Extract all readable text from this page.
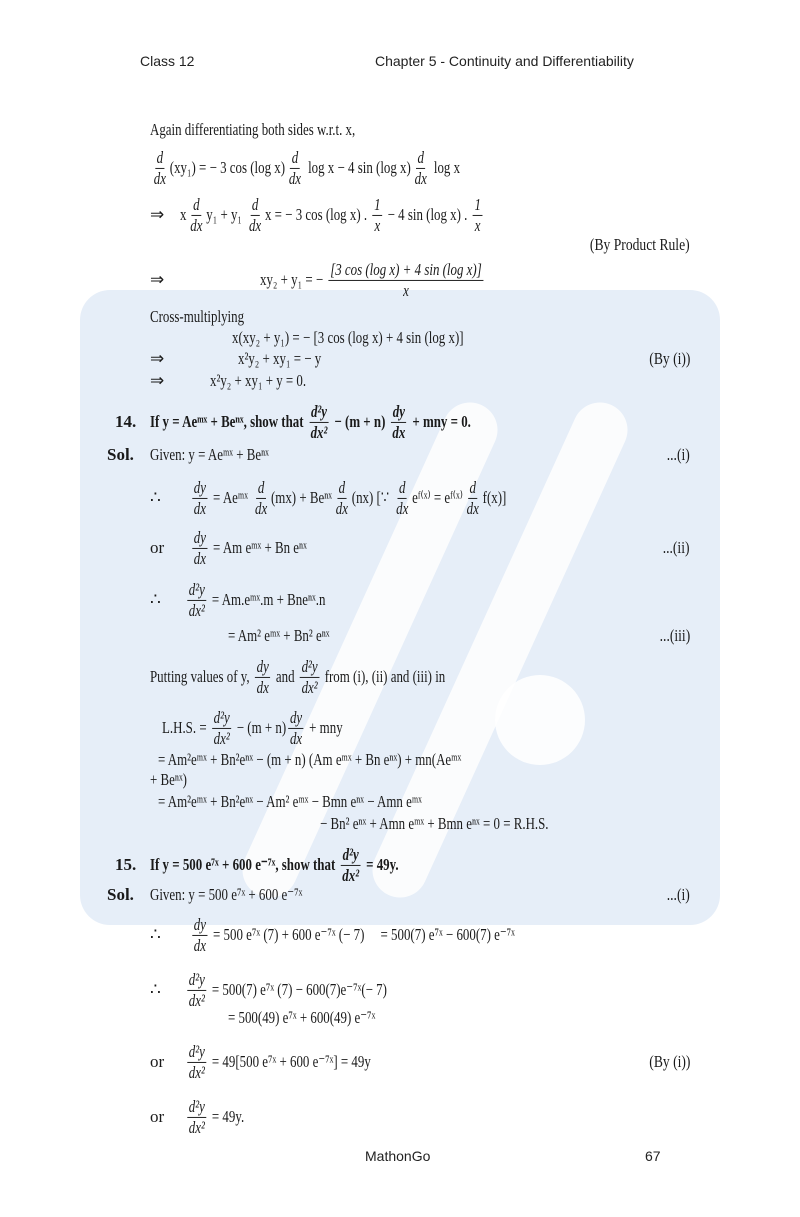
Class 12	Chapter 5 - Continuity and Differentiability
Again differentiating both sides w.r.t. x,
$\frac{d}{dx} (xy_1)$ = − 3 cos (log $x) \frac{d}{dx}$ log x − 4 sin (log $x) \frac{d}{dx}$ log x
⇒ x $\frac{d}{dx} y_1 + y_1 \frac{d}{dx}$ x = − 3 cos (log x) . $\frac{1}{x} - 4$ sin (log x) . $\frac{1}{x}$
(By Product Rule)
⇒	xy₂ + y₁ = − $\frac{\text{[3 cos (log x) + 4 sin (log x)]}}{x}$
Cross-multiplying
x(xy₂ + y₁) = − [3 cos (log x) + 4 sin (log x)]
⇒	x²y₂ + xy₁ = − y	(By (i))
⇒	x²y₂ + xy₁ + y = 0.
14. If y = Aeᵐˣ + Beⁿˣ, show that $\frac{\text{d²y}}{\text{dx²}} - (m + n) \frac{dy}{dx}$ + mny = 0.
Sol. Given: y = Aeᵐˣ + Beⁿˣ	...(i)
∴ $\frac{dy}{dx}$ = Aeᵐˣ $\frac{d}{dx} (mx)$ + Beⁿˣ $\frac{d}{dx} (nx)$ [∵ $\frac{d}{dx}$ eᶠ⁽ˣ⁾ = eᶠ⁽ˣ⁾ $\frac{d}{dx} f(x)$]
or $\frac{dy}{dx} = Am$ eᵐˣ + Bn eⁿˣ	...(ii)
∴ $\frac{\text{d²y}}{\text{dx²}}$ = Am.eᵐˣ.m + Bneⁿˣ.n
= Am² eᵐˣ + Bn² eⁿˣ	...(iii)
Putting values of y, $\frac{dy}{dx}$ and $\frac{\text{d²y}}{\text{dx²}}$ from (i), (ii) and (iii) in
L.H.S. = $\frac{\text{d²y}}{\text{dx²}} - (m + n) \frac{dy}{dx}$ + mny
= Am²eᵐˣ + Bn²eⁿˣ − (m + n) (Am eᵐˣ + Bn eⁿˣ) + mn(Aeᵐˣ
+ Beⁿˣ)
= Am²eᵐˣ + Bn²eⁿˣ − Am² eᵐˣ − Bmn eⁿˣ − Amn eᵐˣ
− Bn² eⁿˣ + Amn eᵐˣ + Bmn eⁿˣ = 0 = R.H.S.
15. If y = 500 e⁷ˣ + 600 e⁻⁷ˣ, show that $\frac{\text{d²y}}{\text{dx²}} = 49y$.
Sol. Given: y = 500 e⁷ˣ + 600 e⁻⁷ˣ	...(i)
∴ $\frac{dy}{dx} = 500$ e⁷ˣ (7) + 600 e⁻⁷ˣ (− 7)     = 500(7) e⁷ˣ − 600(7) e⁻⁷ˣ
∴ $\frac{\text{d²y}}{\text{dx²}} = 500(7)$ e⁷ˣ (7) − 600(7)e⁻⁷ˣ(− 7)
= 500(49) e⁷ˣ + 600(49) e⁻⁷ˣ
or $\frac{\text{d²y}}{\text{dx²}} = 49[500$ e⁷ˣ + 600 e⁻⁷ˣ] = 49y	(By (i))
or $\frac{\text{d²y}}{\text{dx²}} = 49y$.
MathonGo	67
